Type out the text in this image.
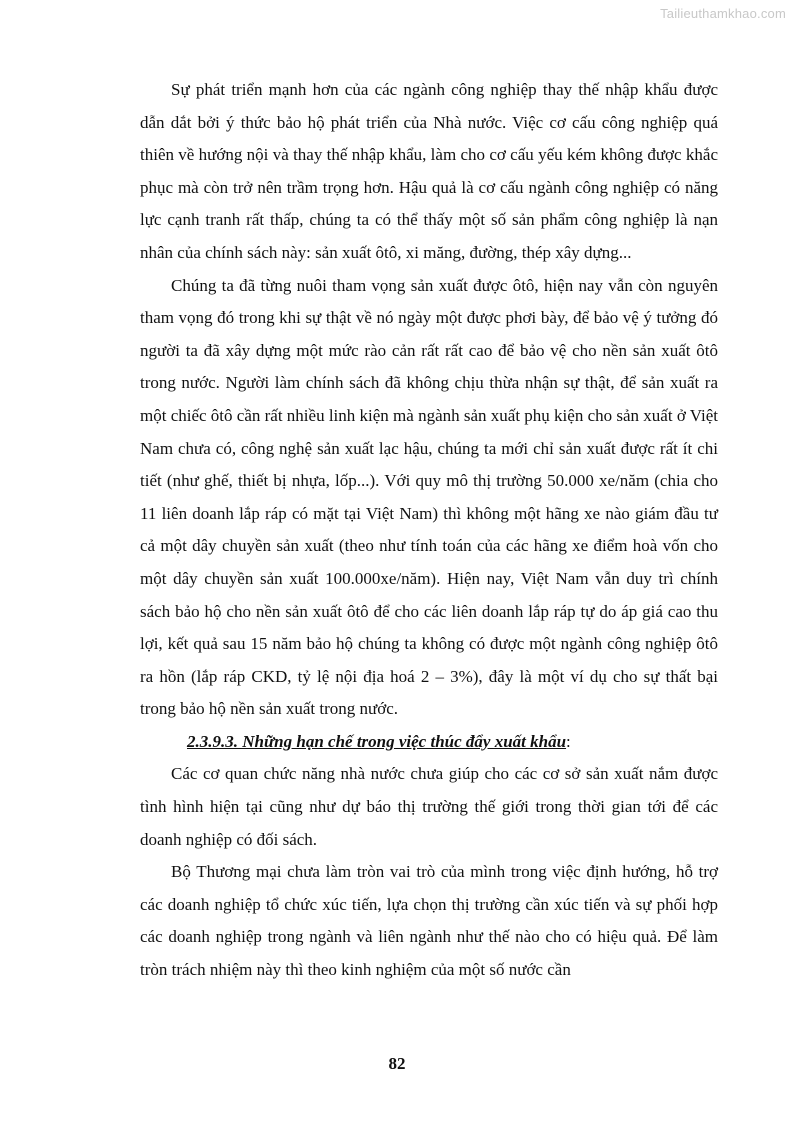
Tailieuthamkhao.com

Sự phát triển mạnh hơn của các ngành công nghiệp thay thế nhập khẩu được dẫn dắt bởi ý thức bảo hộ phát triển của Nhà nước. Việc cơ cấu công nghiệp quá thiên về hướng nội và thay thế nhập khẩu, làm cho cơ cấu yếu kém không được khắc phục mà còn trở nên trầm trọng hơn. Hậu quả là cơ cấu ngành công nghiệp có năng lực cạnh tranh rất thấp, chúng ta có thể thấy một số sản phẩm công nghiệp là nạn nhân của chính sách này: sản xuất ôtô, xi măng, đường, thép xây dựng...

Chúng ta đã từng nuôi tham vọng sản xuất được ôtô, hiện nay vẫn còn nguyên tham vọng đó trong khi sự thật về nó ngày một được phơi bày, để bảo vệ ý tưởng đó người ta đã xây dựng một mức rào cản rất rất cao để bảo vệ cho nền sản xuất ôtô trong nước. Người làm chính sách đã không chịu thừa nhận sự thật, để sản xuất ra một chiếc ôtô cần rất nhiều linh kiện mà ngành sản xuất phụ kiện cho sản xuất ở Việt Nam chưa có, công nghệ sản xuất lạc hậu, chúng ta mới chỉ sản xuất được rất ít chi tiết (như ghế, thiết bị nhựa, lốp...). Với quy mô thị trường 50.000 xe/năm (chia cho 11 liên doanh lắp ráp có mặt tại Việt Nam) thì không một hãng xe nào giám đầu tư cả một dây chuyền sản xuất (theo như tính toán của các hãng xe điểm hoà vốn cho một dây chuyền sản xuất 100.000xe/năm). Hiện nay, Việt Nam vẫn duy trì chính sách bảo hộ cho nền sản xuất ôtô để cho các liên doanh lắp ráp tự do áp giá cao thu lợi, kết quả sau 15 năm bảo hộ chúng ta không có được một ngành công nghiệp ôtô ra hồn (lắp ráp CKD, tỷ lệ nội địa hoá 2 – 3%), đây là một ví dụ cho sự thất bại trong bảo hộ nền sản xuất trong nước.

2.3.9.3. Những hạn chế trong việc thúc đẩy xuất khẩu:

Các cơ quan chức năng nhà nước chưa giúp cho các cơ sở sản xuất nắm được tình hình hiện tại cũng như dự báo thị trường thế giới trong thời gian tới để các doanh nghiệp có đối sách.

Bộ Thương mại chưa làm tròn vai trò của mình trong việc định hướng, hỗ trợ các doanh nghiệp tổ chức xúc tiến, lựa chọn thị trường cần xúc tiến và sự phối hợp các doanh nghiệp trong ngành và liên ngành như thế nào cho có hiệu quả. Để làm tròn trách nhiệm này thì theo kinh nghiệm của một số nước cần

82
